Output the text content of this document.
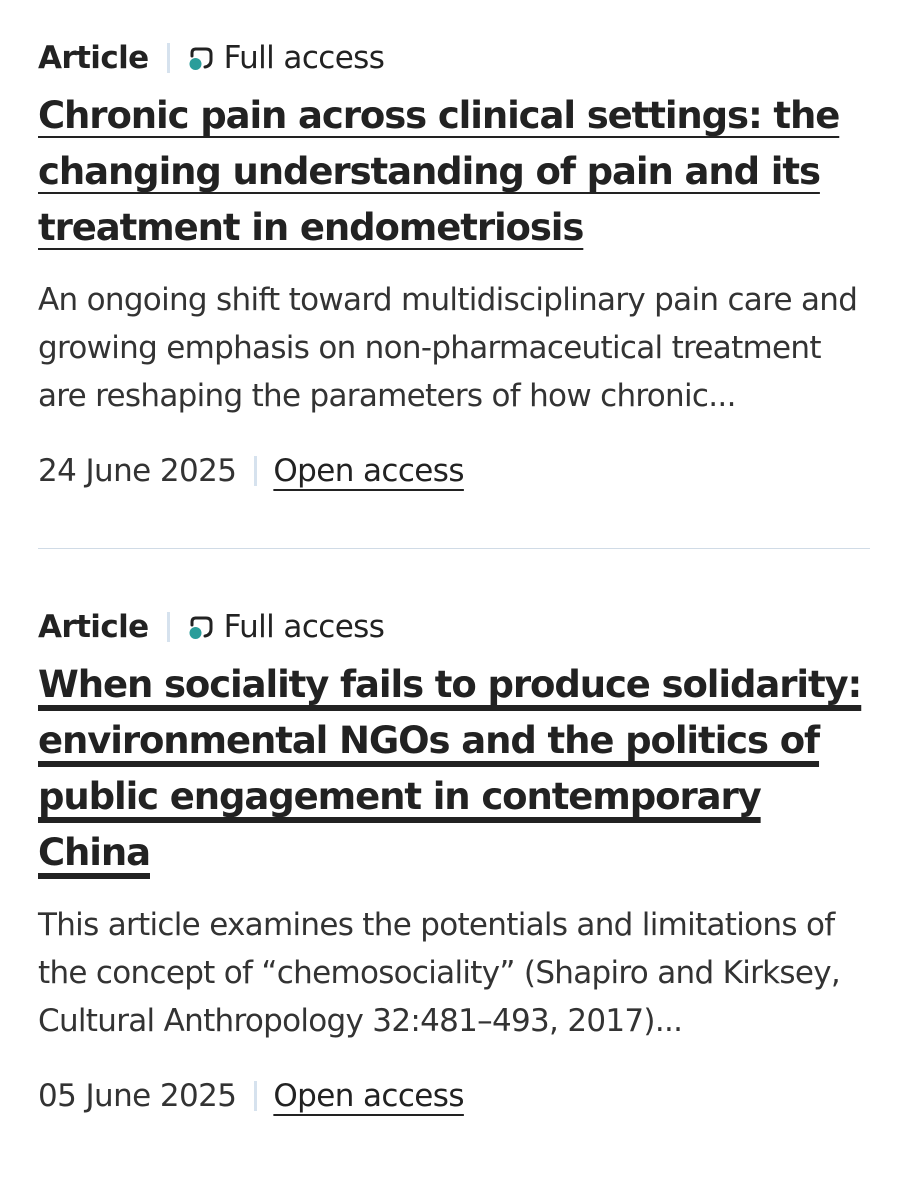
Article Full access
Chronic pain across clinical settings: the changing understanding of pain and its treatment in endometriosis
An ongoing shift toward multidisciplinary pain care and growing emphasis on non-pharmaceutical treatment are reshaping the parameters of how chronic...
24 June 2025 Open access
Article Full access
When sociality fails to produce solidarity: environmental NGOs and the politics of public engagement in contemporary China
This article examines the potentials and limitations of the concept of “chemosociality” (Shapiro and Kirksey, Cultural Anthropology 32:481–493, 2017)...
05 June 2025 Open access
